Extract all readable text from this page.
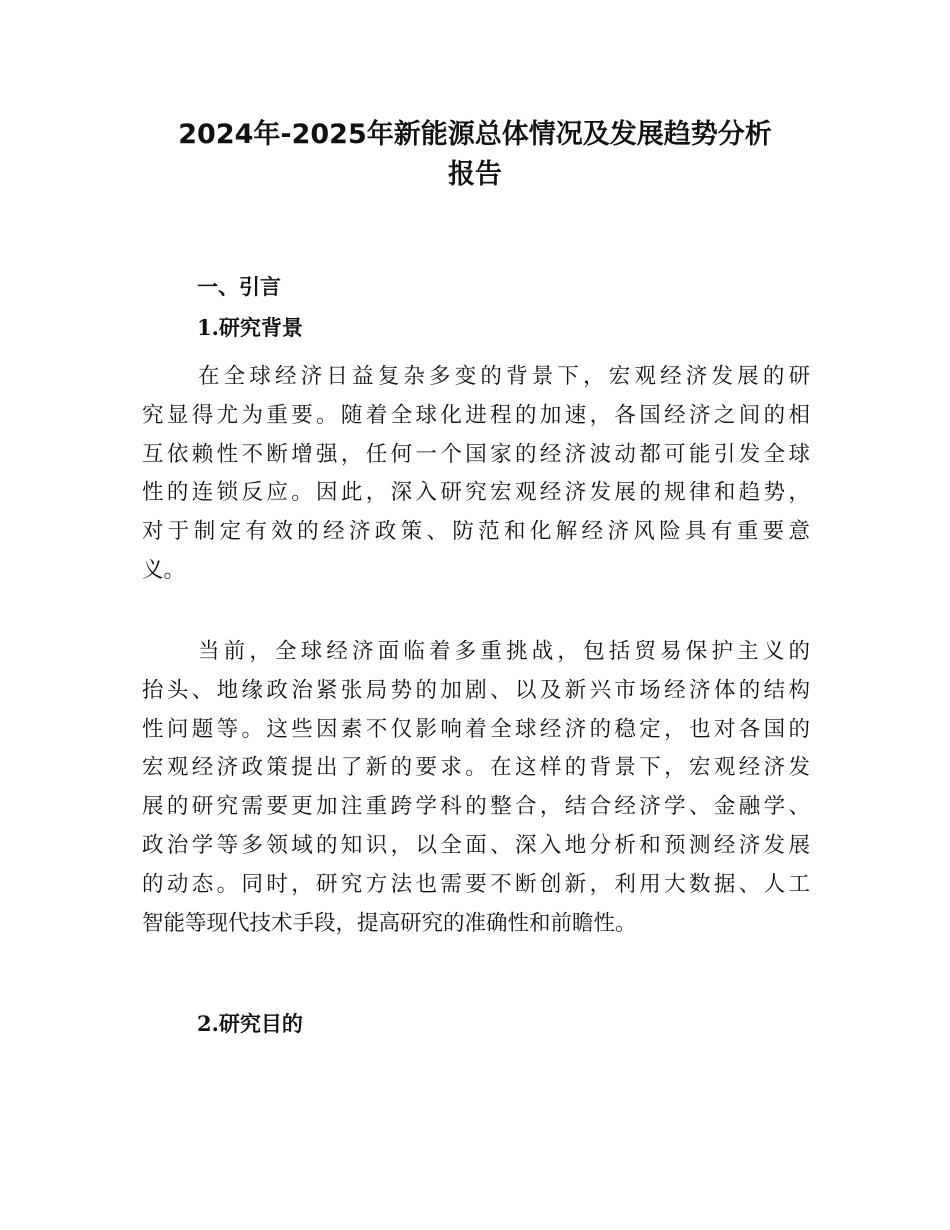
2024年-2025年新能源总体情况及发展趋势分析
报告
一、引言
1.研究背景
在全球经济日益复杂多变的背景下，宏观经济发展的研
究显得尤为重要。随着全球化进程的加速，各国经济之间的相
互依赖性不断增强，任何一个国家的经济波动都可能引发全球
性的连锁反应。因此，深入研究宏观经济发展的规律和趋势，
对于制定有效的经济政策、防范和化解经济风险具有重要意
义。
当前，全球经济面临着多重挑战，包括贸易保护主义的
抬头、地缘政治紧张局势的加剧、以及新兴市场经济体的结构
性问题等。这些因素不仅影响着全球经济的稳定，也对各国的
宏观经济政策提出了新的要求。在这样的背景下，宏观经济发
展的研究需要更加注重跨学科的整合，结合经济学、金融学、
政治学等多领域的知识，以全面、深入地分析和预测经济发展
的动态。同时，研究方法也需要不断创新，利用大数据、人工
智能等现代技术手段，提高研究的准确性和前瞻性。
2.研究目的
